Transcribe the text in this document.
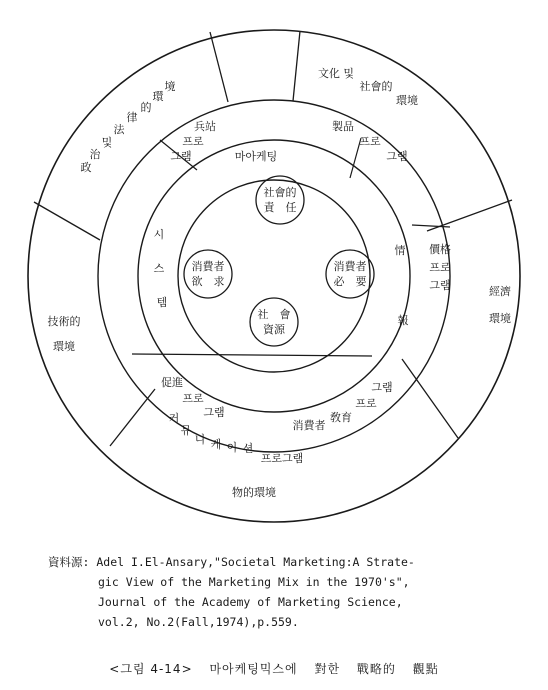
社會的
責　任
消費者
欲　求
消費者
必　要
社　會
資源
마아케팅
시
스
템
情
報
兵站
프로
그램
製品
프로
그램
價格
프로
그램
그램
프로
敎育
消費者
促進
프로
그램
커
뮤
니 케 이 션
프로그램
政
治
및
法
律
的
環
境
文化 및
社會的
環境
經濟
環境
技術的
環境
物的環境
資料源: Adel I.El-Ansary,"Societal Marketing:A Strate-
gic View of the Marketing Mix in the 1970's",
Journal of the Academy of Marketing Science,
vol.2, No.2(Fall,1974),p.559.
<그림 4-14> 마아케팅믹스에 對한 戰略的 觀點
